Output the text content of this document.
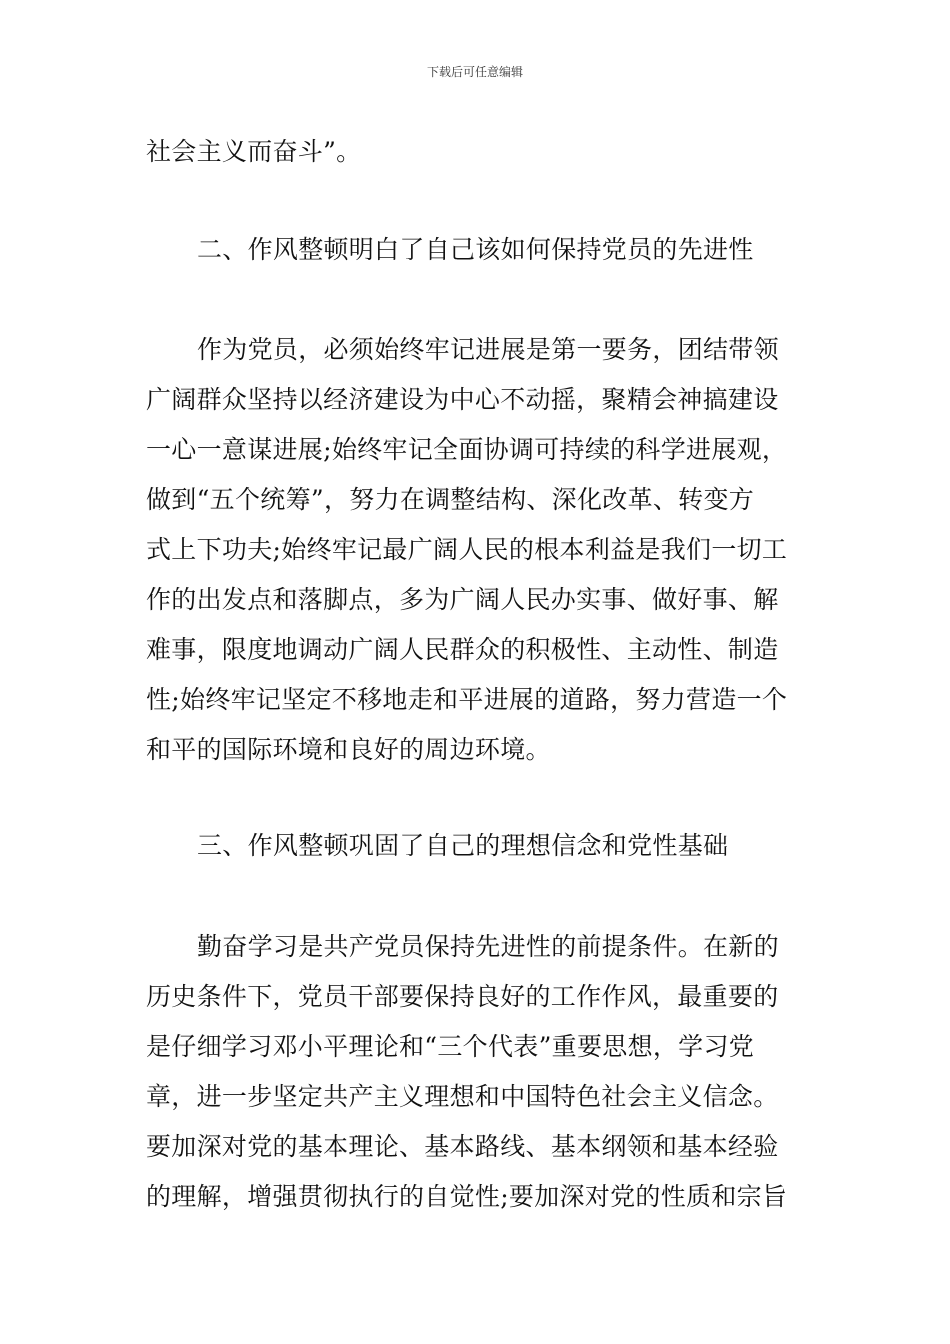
下载后可任意编辑
社会主义而奋斗”。
二、作风整顿明白了自己该如何保持党员的先进性
作为党员，必须始终牢记进展是第一要务，团结带领
广阔群众坚持以经济建设为中心不动摇，聚精会神搞建设
一心一意谋进展;始终牢记全面协调可持续的科学进展观，
做到“五个统筹”，努力在调整结构、深化改革、转变方
式上下功夫;始终牢记最广阔人民的根本利益是我们一切工
作的出发点和落脚点，多为广阔人民办实事、做好事、解
难事，限度地调动广阔人民群众的积极性、主动性、制造
性;始终牢记坚定不移地走和平进展的道路，努力营造一个
和平的国际环境和良好的周边环境。
三、作风整顿巩固了自己的理想信念和党性基础
勤奋学习是共产党员保持先进性的前提条件。在新的
历史条件下，党员干部要保持良好的工作作风，最重要的
是仔细学习邓小平理论和“三个代表”重要思想，学习党
章，进一步坚定共产主义理想和中国特色社会主义信念。
要加深对党的基本理论、基本路线、基本纲领和基本经验
的理解，增强贯彻执行的自觉性;要加深对党的性质和宗旨
